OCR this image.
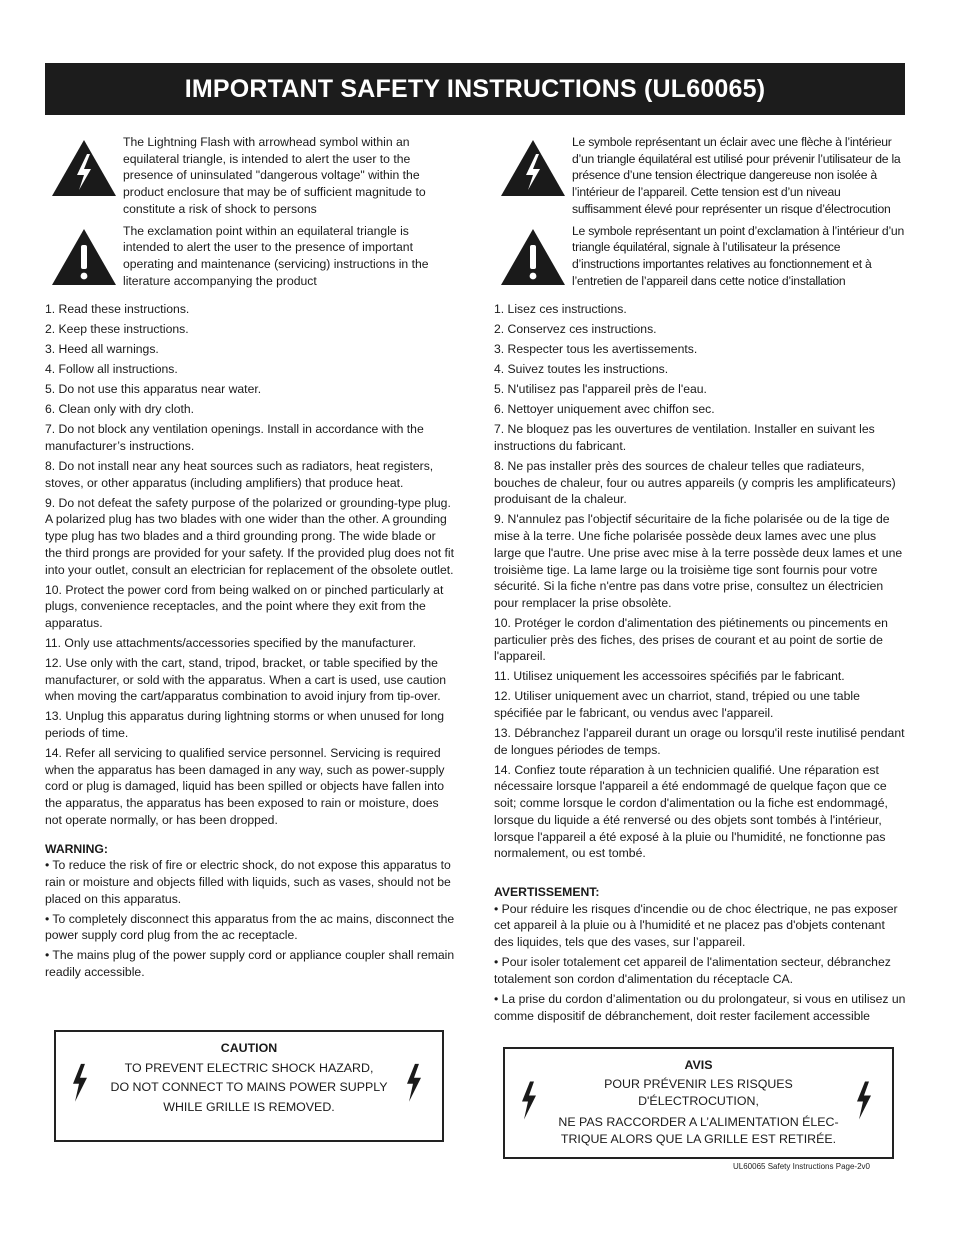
IMPORTANT SAFETY INSTRUCTIONS (UL60065)
The Lightning Flash with arrowhead symbol within an equilateral triangle, is intended to alert the user to the presence of uninsulated "dangerous voltage" within the product enclosure that may be of sufficient magnitude to constitute a risk of shock to persons
The exclamation point within an equilateral triangle is intended to alert the user to the presence of important operating and maintenance (servicing) instructions in the literature accompanying the product
1. Read these instructions.
2. Keep these instructions.
3. Heed all warnings.
4. Follow all instructions.
5. Do not use this apparatus near water.
6. Clean only with dry cloth.
7. Do not block any ventilation openings. Install in accordance with the manufacturer’s instructions.
8. Do not install near any heat sources such as radiators, heat registers, stoves, or other apparatus (including amplifiers) that produce heat.
9. Do not defeat the safety purpose of the polarized or grounding-type plug. A polarized plug has two blades with one wider than the other. A grounding type plug has two blades and a third grounding prong. The wide blade or the third prongs are provided for your safety. If the provided plug does not fit into your outlet, consult an electrician for replacement of the obsolete outlet.
10. Protect the power cord from being walked on or pinched particularly at plugs, convenience receptacles, and the point where they exit from the apparatus.
11. Only use attachments/accessories specified by the manufacturer.
12. Use only with the cart, stand, tripod, bracket, or table specified by the manufacturer, or sold with the apparatus. When a cart is used, use caution when moving the cart/apparatus combination to avoid injury from tip-over.
13. Unplug this apparatus during lightning storms or when unused for long periods of time.
14. Refer all servicing to qualified service personnel. Servicing is required when the apparatus has been damaged in any way, such as power-supply cord or plug is damaged, liquid has been spilled or objects have fallen into the apparatus, the apparatus has been exposed to rain or moisture, does not operate normally, or has been dropped.
WARNING:
• To reduce the risk of fire or electric shock, do not expose this apparatus to rain or moisture and objects filled with liquids, such as vases, should not be placed on this apparatus.
• To completely disconnect this apparatus from the ac mains, disconnect the power supply cord plug from the ac receptacle.
• The mains plug of the power supply cord or appliance coupler shall remain readily accessible.
CAUTION
TO PREVENT ELECTRIC SHOCK HAZARD,
DO NOT CONNECT TO MAINS POWER SUPPLY
WHILE GRILLE IS REMOVED.
Le symbole représentant un éclair avec une flèche à l’intérieur d’un triangle équilatéral est utilisé pour prévenir l’utilisateur de la présence d’une tension électrique dangereuse non isolée à l’intérieur de l’appareil. Cette tension est d’un niveau suffisamment élevé pour représenter un risque d’électrocution
Le symbole représentant un point d’exclamation à l’intérieur d’un triangle équilatéral, signale à l’utilisateur la présence d’instructions importantes relatives au fonctionnement et à l’entretien de l’appareil dans cette notice d’installation
1. Lisez ces instructions.
2. Conservez ces instructions.
3. Respecter tous les avertissements.
4. Suivez toutes les instructions.
5. N'utilisez pas l'appareil près de l'eau.
6. Nettoyer uniquement avec chiffon sec.
7. Ne bloquez pas les ouvertures de ventilation. Installer en suivant les instructions du fabricant.
8. Ne pas installer près des sources de chaleur telles que radiateurs, bouches de chaleur, four ou autres appareils (y compris les amplificateurs) produisant de la chaleur.
9. N'annulez pas l'objectif sécuritaire de la fiche polarisée ou de la tige de mise à la terre. Une fiche polarisée possède deux lames avec une plus large que l'autre. Une prise avec mise à la terre possède deux lames et une troisième tige. La lame large ou la troisième tige sont fournis pour votre sécurité. Si la fiche n'entre pas dans votre prise, consultez un électricien pour remplacer la prise obsolète.
10. Protéger le cordon d'alimentation des piétinements ou pincements en particulier près des fiches, des prises de courant et au point de sortie de l'appareil.
11. Utilisez uniquement les accessoires spécifiés par le fabricant.
12. Utiliser uniquement avec un charriot, stand, trépied ou une table spécifiée par le fabricant, ou vendus avec l'appareil.
13. Débranchez l'appareil durant un orage ou lorsqu'il reste inutilisé pendant de longues périodes de temps.
14. Confiez toute réparation à un technicien qualifié. Une réparation est nécessaire lorsque l'appareil a été endommagé de quelque façon que ce soit; comme lorsque le cordon d'alimentation ou la fiche est endommagé, lorsque du liquide a été renversé ou des objets sont tombés à l'intérieur, lorsque l'appareil a été exposé à la pluie ou l'humidité, ne fonctionne pas normalement, ou est tombé.
AVERTISSEMENT:
• Pour réduire les risques d'incendie ou de choc électrique, ne pas exposer cet appareil à la pluie ou à l'humidité et ne placez pas d'objets contenant des liquides, tels que des vases, sur l’appareil.
• Pour isoler totalement cet appareil de l'alimentation secteur, débranchez totalement son cordon d'alimentation du réceptacle CA.
• La prise du cordon d’alimentation ou du prolongateur, si vous en utilisez un comme dispositif de débranchement, doit rester facilement accessible
AVIS
POUR PRÉVENIR LES RISQUES
D'ÉLECTROCUTION,
NE PAS RACCORDER A L’ALIMENTATION ÉLEC-
TRIQUE ALORS QUE LA GRILLE EST RETIRÉE.
UL60065 Safety Instructions Page-2v0
